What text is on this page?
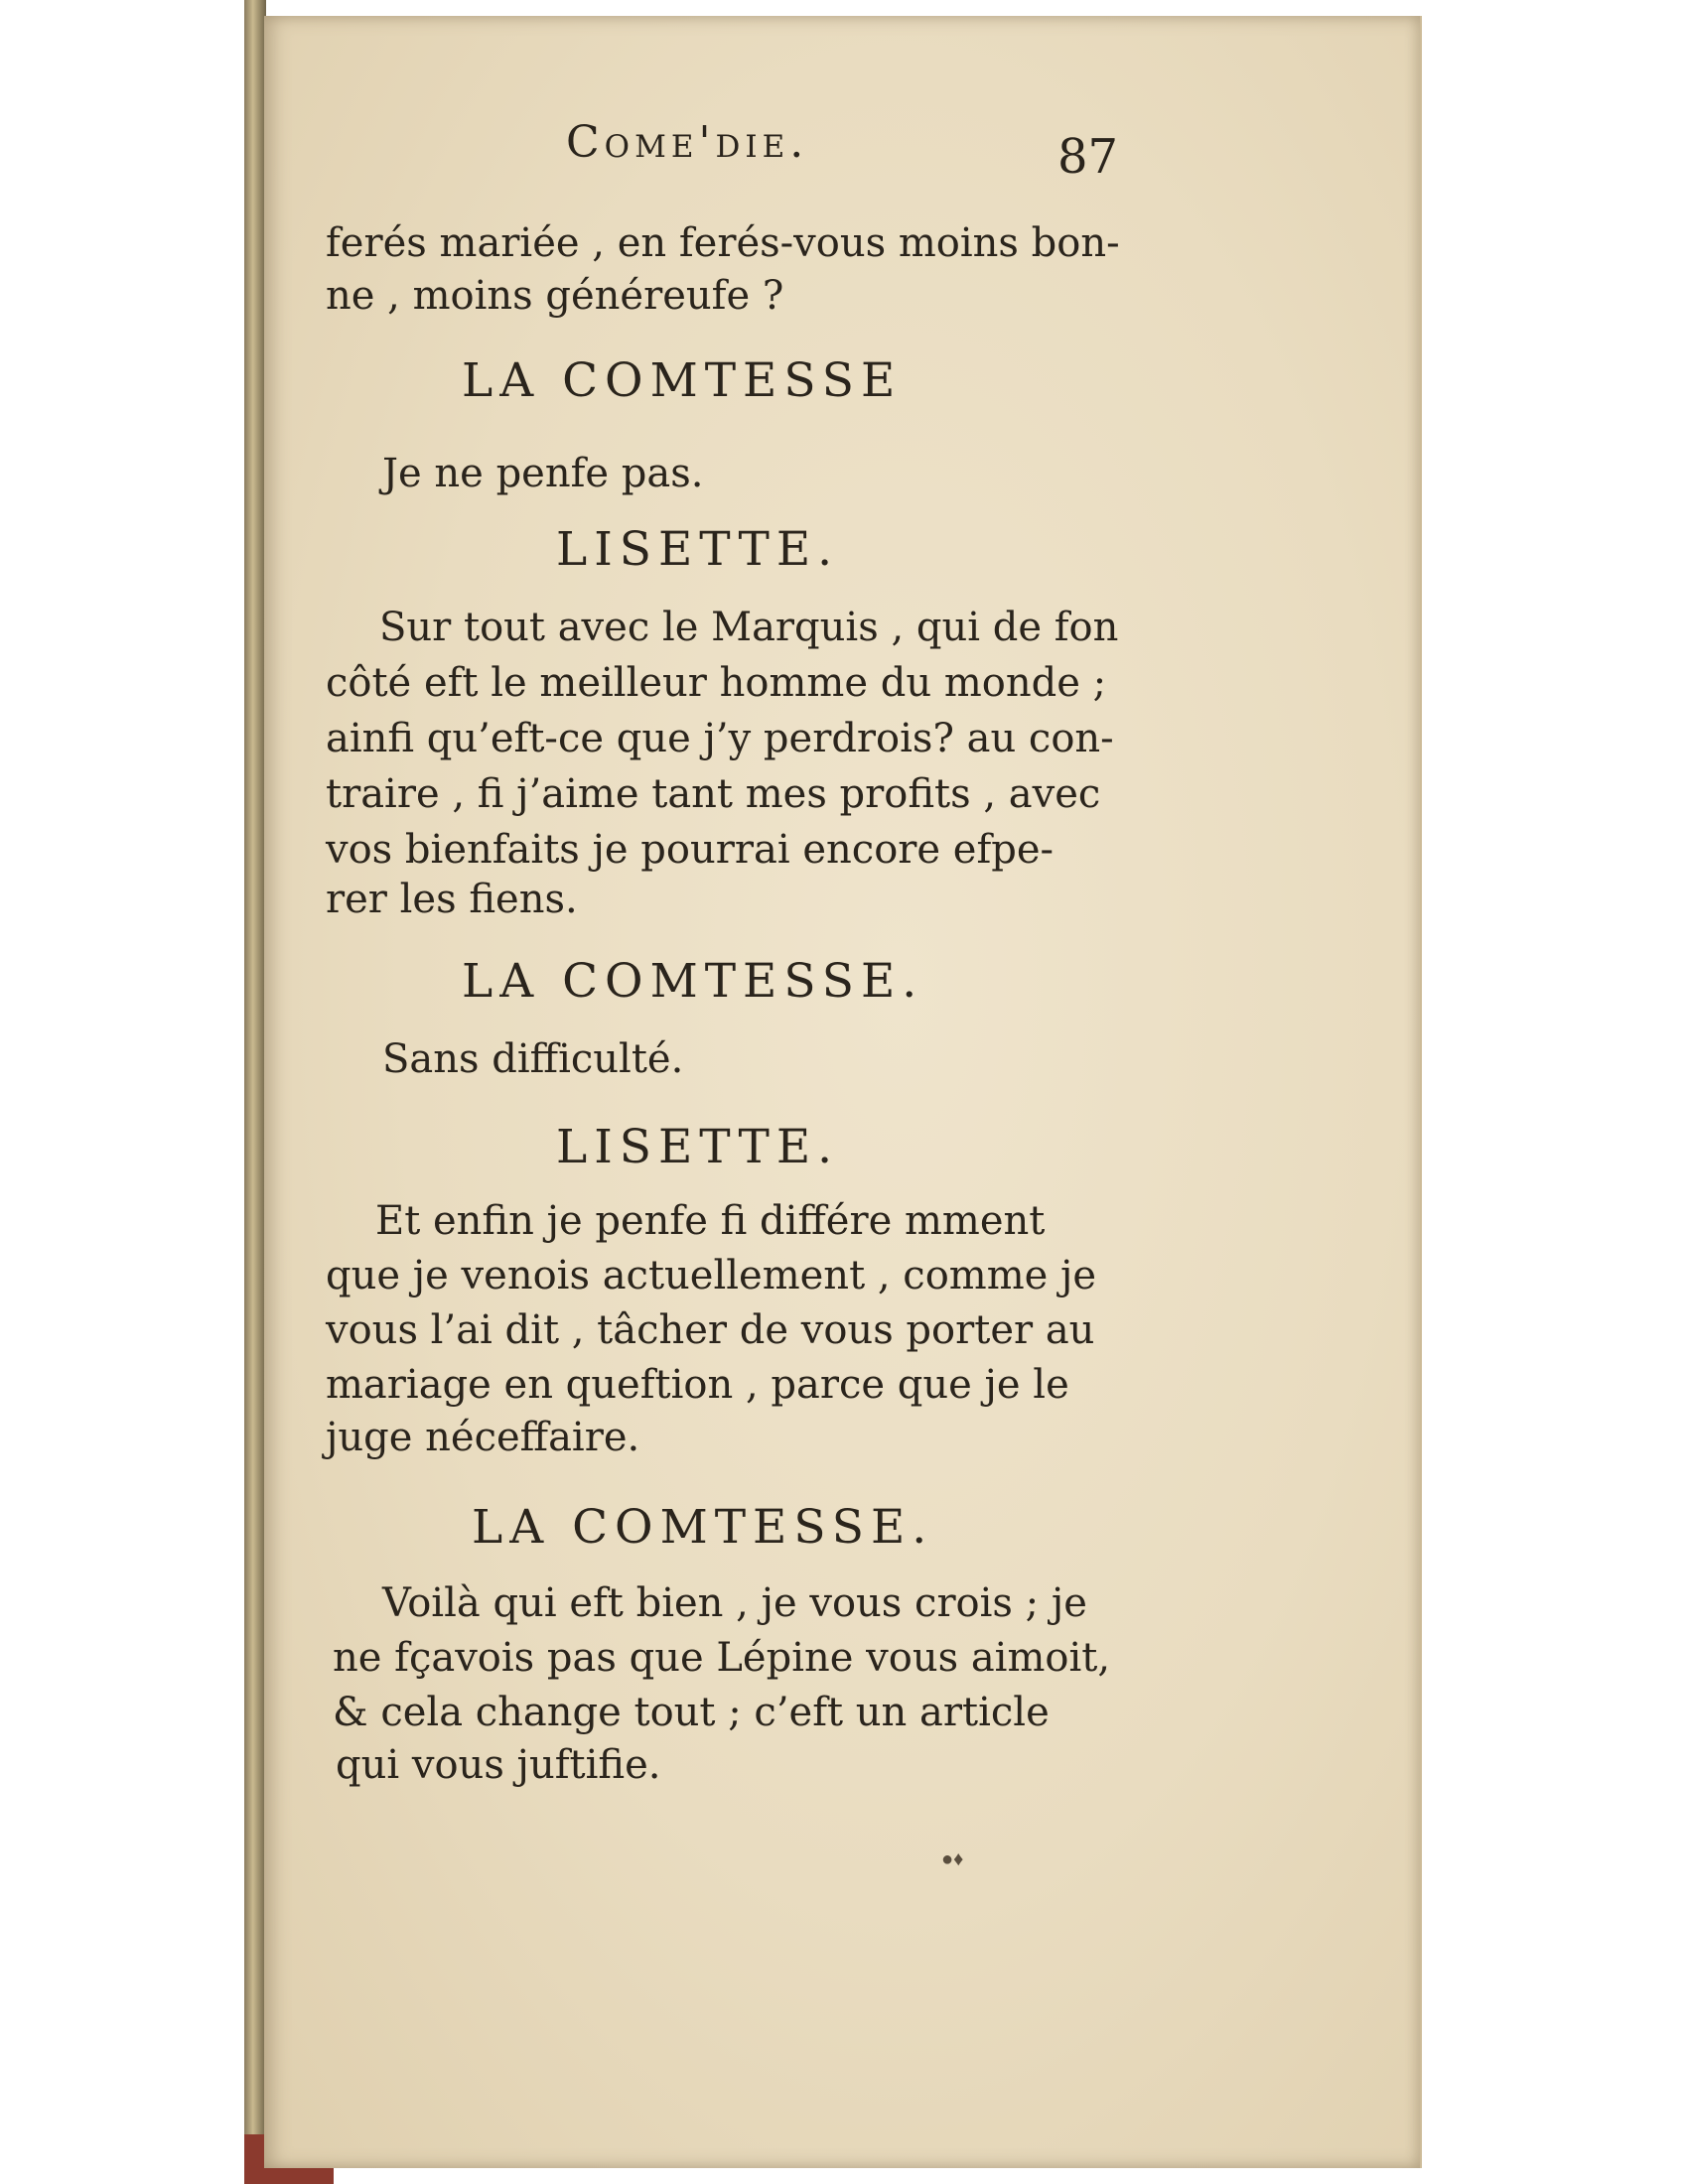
Come'die.	87
ferés mariée , en ferés-vous moins bon-
ne , moins généreufe ?
LA COMTESSE
Je ne penfe pas.
LISETTE.
Sur tout avec le Marquis , qui de fon
côté eft le meilleur homme du monde ;
ainfi qu’eft-ce que j’y perdrois? au con-
traire , fi j’aime tant mes profits , avec
vos bienfaits je pourrai encore efpe-
rer les fiens.
LA COMTESSE.
Sans difficulté.
LISETTE.
Et enfin je penfe fi différe mment
que je venois actuellement , comme je
vous l’ai dit , tâcher de vous porter au
mariage en queftion , parce que je le
juge néceffaire.
LA COMTESSE.
Voilà qui eft bien , je vous crois ; je
ne fçavois pas que Lépine vous aimoit,
& cela change tout ; c’eft un article
qui vous juftifie.
●♦
